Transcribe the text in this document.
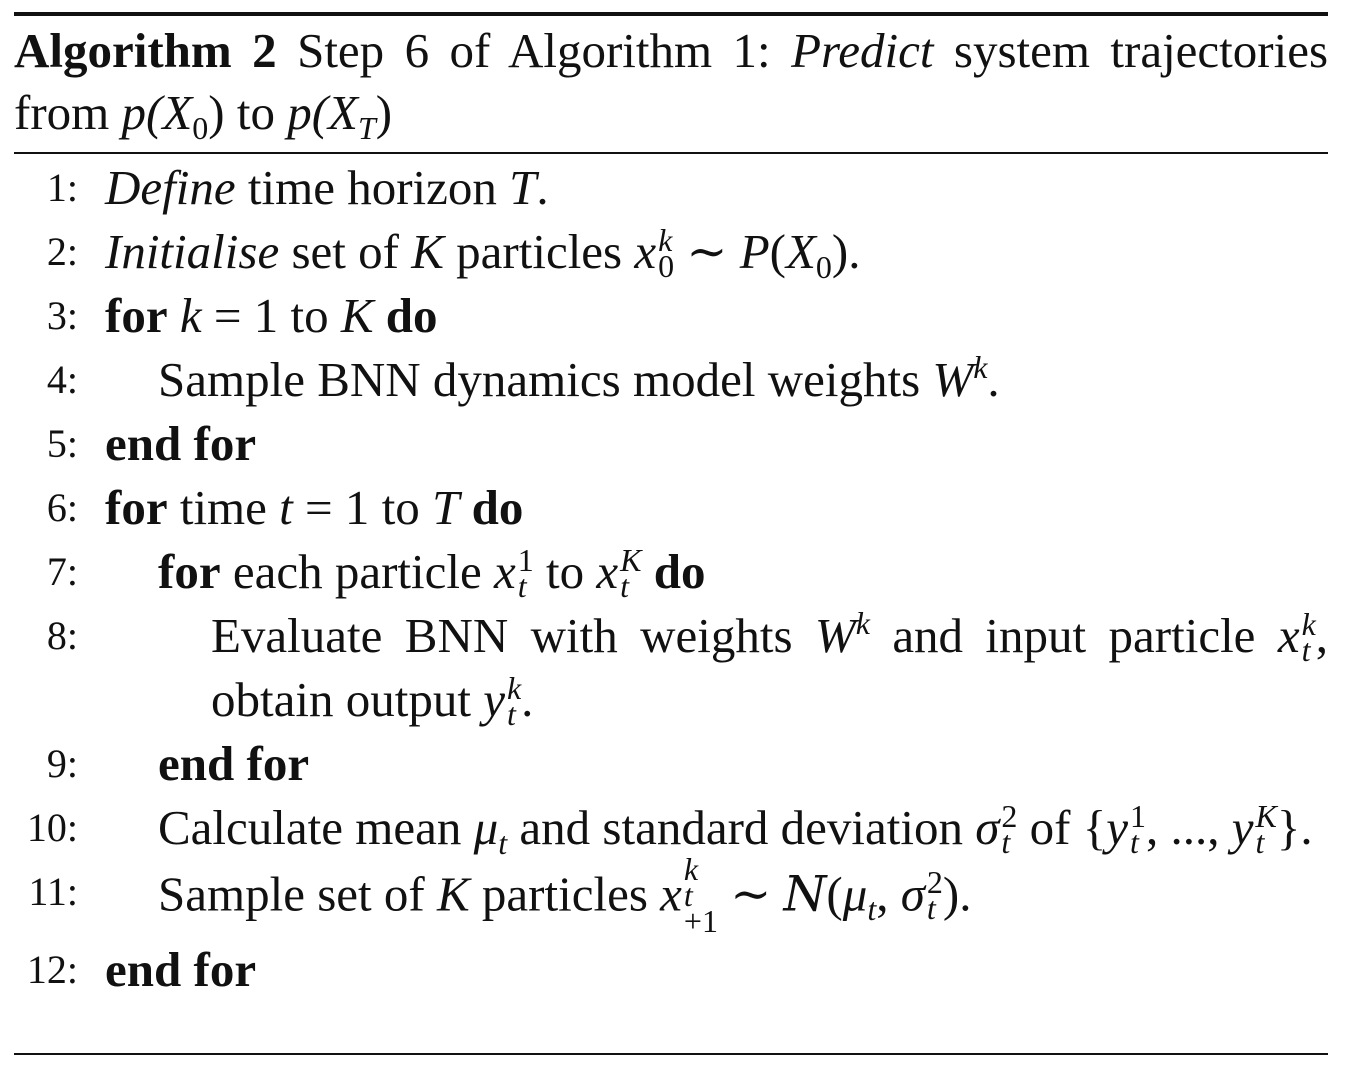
Algorithm 2 Step 6 of Algorithm 1: Predict system trajectories from $p(X_0)$ to $p(X_T)$
1: Define time horizon T.
2: Initialise set of K particles x k
0 ∼ $P(X_0)$.
3: for k = 1 to K do
4:	Sample BNN dynamics model weights $W^k$.
5: end for
6: for time t = 1 to T do
7:	for each particle x 1
t to x K
t do
8:	Evaluate BNN with weights $W^k$ and input particle x k
t , obtain output y k
t .
9:	end for
10:	Calculate mean $\mu_t$ and standard deviation σ 2
t of {y 1
t , ..., y K
t }.
11:	Sample set of K particles x k
t
+1 ∼ $N(\mu_t$, σ 2
t ).
12: end for
